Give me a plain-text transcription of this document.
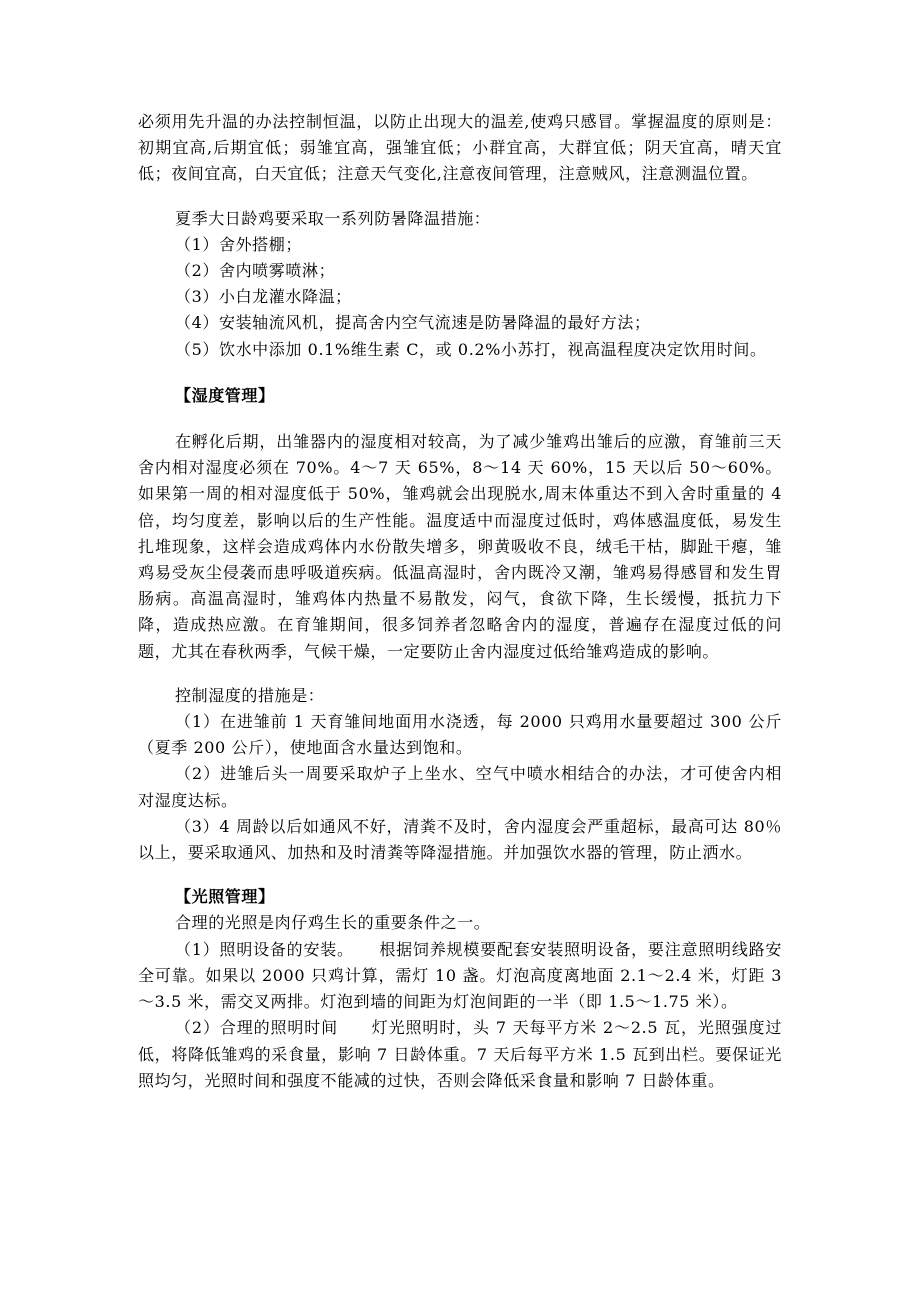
必须用先升温的办法控制恒温，以防止出现大的温差,使鸡只感冒。掌握温度的原则是：初期宜高,后期宜低；弱雏宜高，强雏宜低；小群宜高，大群宜低；阴天宜高，晴天宜低；夜间宜高，白天宜低；注意天气变化,注意夜间管理，注意贼风，注意测温位置。

夏季大日龄鸡要采取一系列防暑降温措施：

（1）舍外搭棚；

（2）舍内喷雾喷淋；

（3）小白龙灌水降温；

（4）安装轴流风机，提高舍内空气流速是防暑降温的最好方法；

（5）饮水中添加 0.1%维生素 C，或 0.2%小苏打，视高温程度决定饮用时间。

【湿度管理】

在孵化后期，出雏器内的湿度相对较高，为了减少雏鸡出雏后的应激，育雏前三天舍内相对湿度必须在 70%。4～7 天 65%，8～14 天 60%，15 天以后 50～60%。如果第一周的相对湿度低于 50%，雏鸡就会出现脱水,周末体重达不到入舍时重量的 4 倍，均匀度差，影响以后的生产性能。温度适中而湿度过低时，鸡体感温度低，易发生扎堆现象，这样会造成鸡体内水份散失增多，卵黄吸收不良，绒毛干枯，脚趾干瘪，雏鸡易受灰尘侵袭而患呼吸道疾病。低温高湿时，舍内既冷又潮，雏鸡易得感冒和发生胃肠病。高温高湿时，雏鸡体内热量不易散发，闷气，食欲下降，生长缓慢，抵抗力下降，造成热应激。在育雏期间，很多饲养者忽略舍内的湿度，普遍存在湿度过低的问题，尤其在春秋两季，气候干燥，一定要防止舍内湿度过低给雏鸡造成的影响。

控制湿度的措施是：

（1）在进雏前 1 天育雏间地面用水浇透，每 2000 只鸡用水量要超过 300 公斤（夏季 200 公斤），使地面含水量达到饱和。

（2）进雏后头一周要采取炉子上坐水、空气中喷水相结合的办法，才可使舍内相对湿度达标。

（3）4 周龄以后如通风不好，清粪不及时，舍内湿度会严重超标，最高可达 80％以上，要采取通风、加热和及时清粪等降湿措施。并加强饮水器的管理，防止洒水。

【光照管理】

合理的光照是肉仔鸡生长的重要条件之一。

（1）照明设备的安装。　　根据饲养规模要配套安装照明设备，要注意照明线路安全可靠。如果以 2000 只鸡计算，需灯 10 盏。灯泡高度离地面 2.1～2.4 米，灯距 3～3.5 米，需交叉两排。灯泡到墙的间距为灯泡间距的一半（即 1.5～1.75 米）。

（2）合理的照明时间　　灯光照明时，头 7 天每平方米 2～2.5 瓦，光照强度过低，将降低雏鸡的采食量，影响 7 日龄体重。7 天后每平方米 1.5 瓦到出栏。要保证光照均匀，光照时间和强度不能减的过快，否则会降低采食量和影响 7 日龄体重。
